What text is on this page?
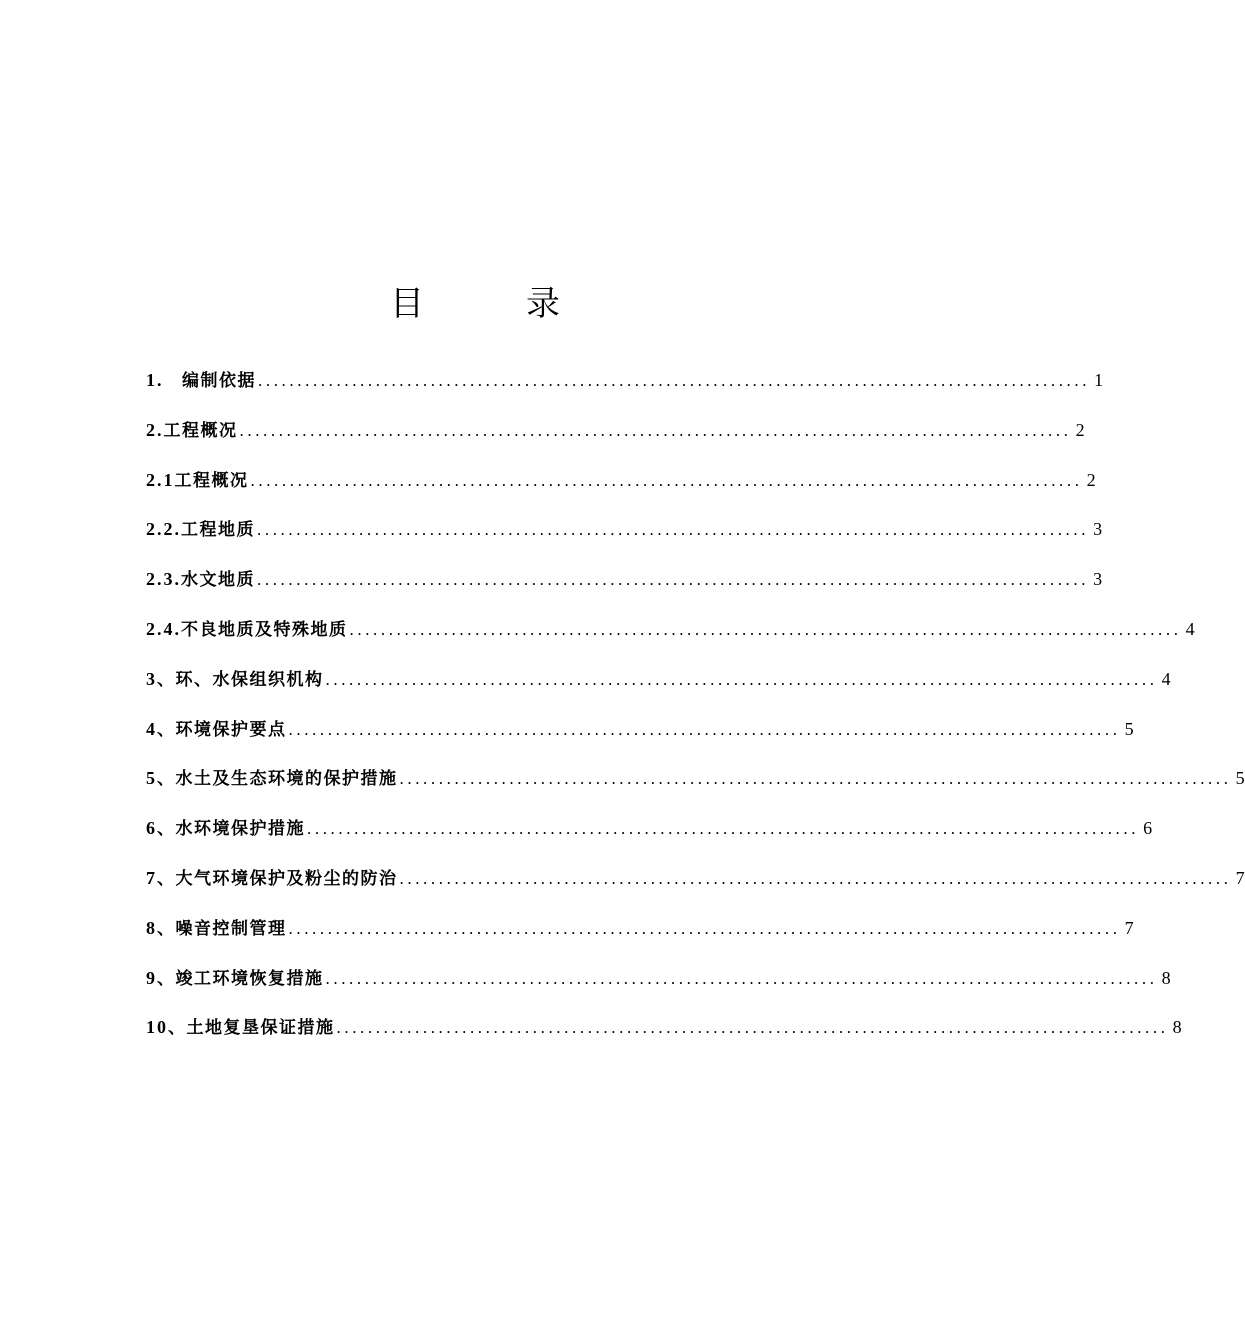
目　录
1.　编制依据 .......................................................................................................... 1
2.工程概况 .......................................................................................................... 2
2.1工程概况 .......................................................................................................... 2
2.2.工程地质 .......................................................................................................... 3
2.3.水文地质 .......................................................................................................... 3
2.4.不良地质及特殊地质 .......................................................................................................... 4
3、环、水保组织机构 .......................................................................................................... 4
4、环境保护要点 .......................................................................................................... 5
5、水土及生态环境的保护措施 .......................................................................................................... 5
6、水环境保护措施 .......................................................................................................... 6
7、大气环境保护及粉尘的防治 .......................................................................................................... 7
8、噪音控制管理 .......................................................................................................... 7
9、竣工环境恢复措施 .......................................................................................................... 8
10、土地复垦保证措施 .......................................................................................................... 8
